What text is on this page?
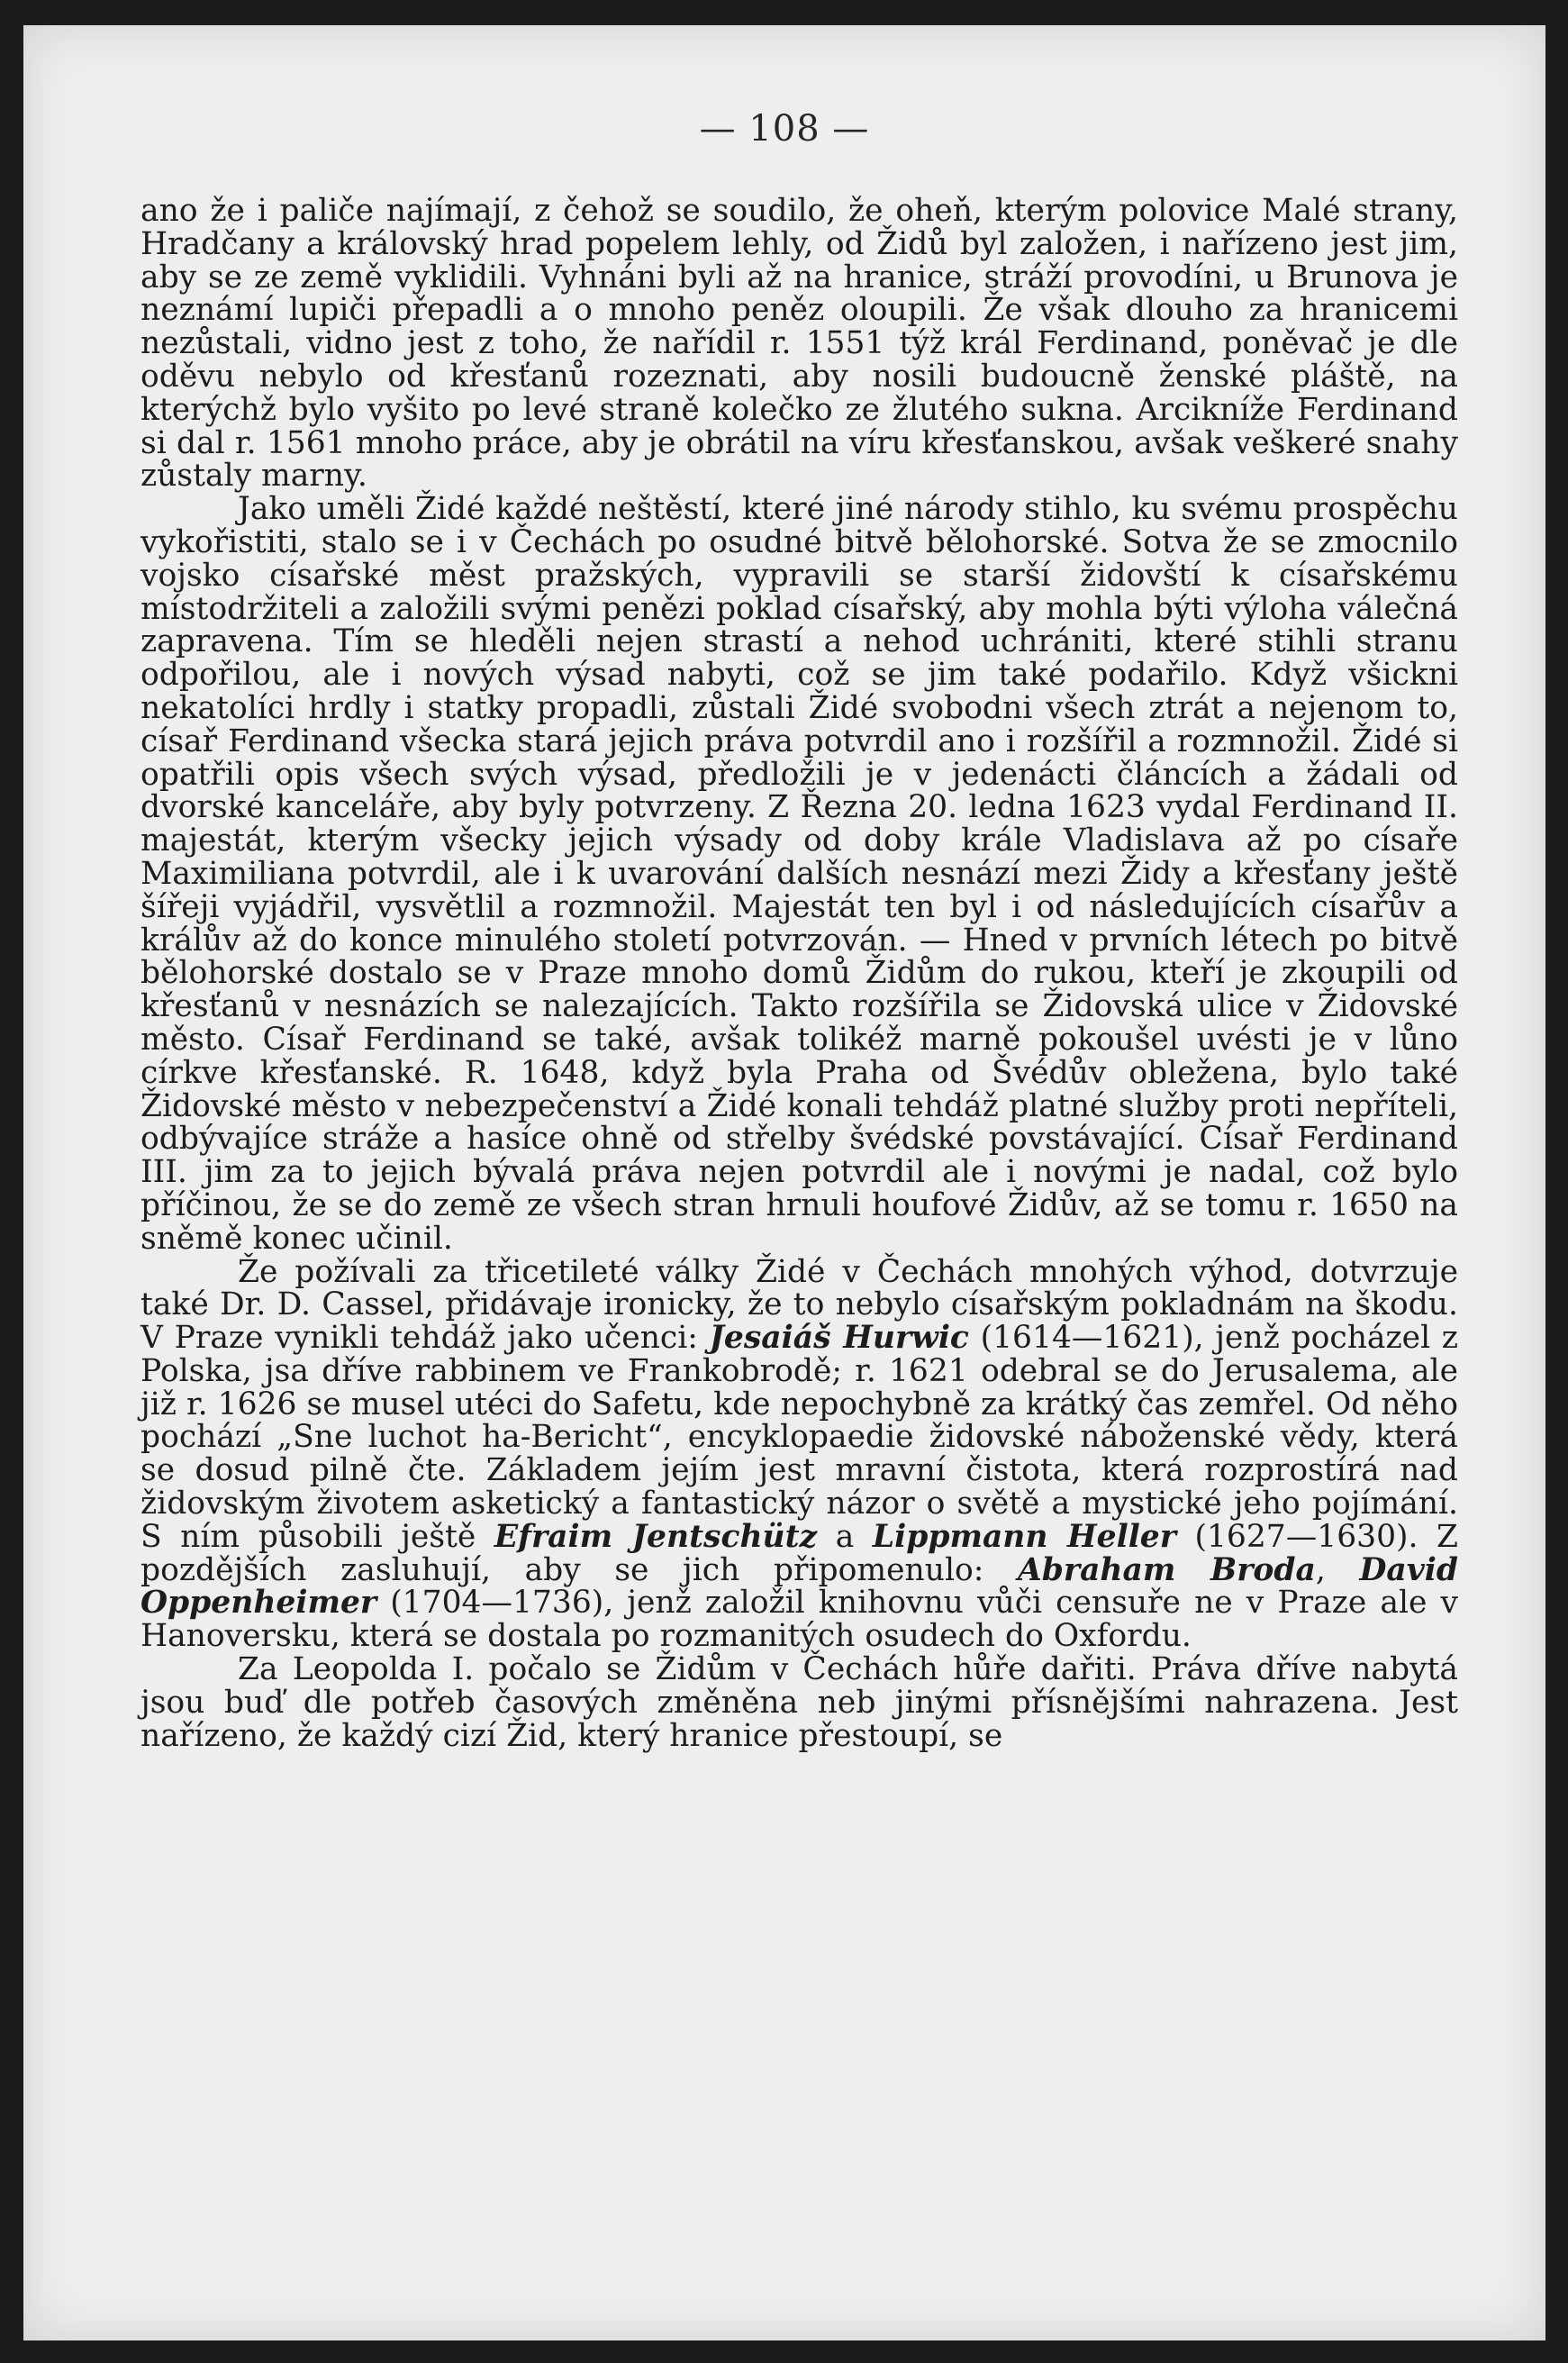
— 108 —

ano že i paliče najímají, z čehož se soudilo, že oheň, kterým polovice Malé strany, Hradčany a královský hrad popelem lehly, od Židů byl založen, i nařízeno jest jim, aby se ze země vyklidili. Vyhnáni byli až na hranice, stráží provodíni, u Brunova je neznámí lupiči přepadli a o mnoho peněz oloupili. Že však dlouho za hranicemi nezůstali, vidno jest z toho, že nařídil r. 1551 týž král Ferdinand, poněvač je dle oděvu nebylo od křesťanů rozeznati, aby nosili budoucně ženské pláště, na kterýchž bylo vyšito po levé straně kolečko ze žlutého sukna. Arcikníže Ferdinand si dal r. 1561 mnoho práce, aby je obrátil na víru křesťanskou, avšak veškeré snahy zůstaly marny.

Jako uměli Židé každé neštěstí, které jiné národy stihlo, ku svému prospěchu vykořistiti, stalo se i v Čechách po osudné bitvě bělohorské. Sotva že se zmocnilo vojsko císařské měst pražských, vypravili se starší židovští k císařskému místodržiteli a založili svými penězi poklad císařský, aby mohla býti výloha válečná zapravena. Tím se hleděli nejen strastí a nehod uchrániti, které stihli stranu odpořilou, ale i nových výsad nabyti, což se jim také podařilo. Když všickni nekatolíci hrdly i statky propadli, zůstali Židé svobodni všech ztrát a nejenom to, císař Ferdinand všecka stará jejich práva potvrdil ano i rozšířil a rozmnožil. Židé si opatřili opis všech svých výsad, předložili je v jedenácti článcích a žádali od dvorské kanceláře, aby byly potvrzeny. Z Řezna 20. ledna 1623 vydal Ferdinand II. majestát, kterým všecky jejich výsady od doby krále Vladislava až po císaře Maximiliana potvrdil, ale i k uvarování dalších nesnází mezi Židy a křesťany ještě šířeji vyjádřil, vysvětlil a rozmnožil. Majestát ten byl i od následujících císařův a králův až do konce minulého století potvrzován. — Hned v prvních létech po bitvě bělohorské dostalo se v Praze mnoho domů Židům do rukou, kteří je zkoupili od křesťanů v nesnázích se nalezajících. Takto rozšířila se Židovská ulice v Židovské město. Císař Ferdinand se také, avšak tolikéž marně pokoušel uvésti je v lůno církve křesťanské. R. 1648, když byla Praha od Švédův obležena, bylo také Židovské město v nebezpečenství a Židé konali tehdáž platné služby proti nepříteli, odbývajíce stráže a hasíce ohně od střelby švédské povstávající. Císař Ferdinand III. jim za to jejich bývalá práva nejen potvrdil ale i novými je nadal, což bylo příčinou, že se do země ze všech stran hrnuli houfové Židův, až se tomu r. 1650 na sněmě konec učinil.

Že požívali za třicetileté války Židé v Čechách mnohých výhod, dotvrzuje také Dr. D. Cassel, přidávaje ironicky, že to nebylo císařským pokladnám na škodu. V Praze vynikli tehdáž jako učenci: Jesaiáš Hurwic (1614—1621), jenž pocházel z Polska, jsa dříve rabbinem ve Frankobrodě; r. 1621 odebral se do Jerusalema, ale již r. 1626 se musel utéci do Safetu, kde nepochybně za krátký čas zemřel. Od něho pochází „Sne luchot ha-Bericht“, encyklopaedie židovské náboženské vědy, která se dosud pilně čte. Základem jejím jest mravní čistota, která rozprostírá nad židovským životem asketický a fantastický názor o světě a mystické jeho pojímání. S ním působili ještě Efraim Jentschütz a Lippmann Heller (1627—1630). Z pozdějších zasluhují, aby se jich připomenulo: Abraham Broda, David Oppenheimer (1704—1736), jenž založil knihovnu vůči censuře ne v Praze ale v Hanoversku, která se dostala po rozmanitých osudech do Oxfordu.

Za Leopolda I. počalo se Židům v Čechách hůře dařiti. Práva dříve nabytá jsou buď dle potřeb časových změněna neb jinými přísnějšími nahrazena. Jest nařízeno, že každý cizí Žid, který hranice přestoupí, se
